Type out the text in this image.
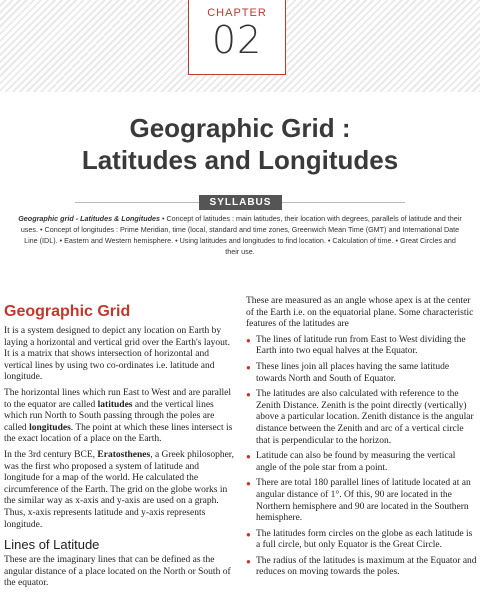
CHAPTER
02
Geographic Grid :
Latitudes and Longitudes
SYLLABUS

Geographic grid - Latitudes & Longitudes • Concept of latitudes : main latitudes, their location with degrees, parallels of latitude and their uses. • Concept of longitudes : Prime Meridian, time (local, standard and time zones, Greenwich Mean Time (GMT) and International Date Line (IDL). • Eastern and Western hemisphere. • Using latitudes and longitudes to find location. • Calculation of time. • Great Circles and their use.

Geographic Grid

It is a system designed to depict any location on Earth by laying a horizontal and vertical grid over the Earth's layout. It is a matrix that shows intersection of horizontal and vertical lines by using two co-ordinates i.e. latitude and longitude.

The horizontal lines which run East to West and are parallel to the equator are called latitudes and the vertical lines which run North to South passing through the poles are called longitudes. The point at which these lines intersect is the exact location of a place on the Earth.

In the 3rd century BCE, Eratosthenes, a Greek philosopher, was the first who proposed a system of latitude and longitude for a map of the world. He calculated the circumference of the Earth. The grid on the globe works in the similar way as x-axis and y-axis are used on a graph. Thus, x-axis represents latitude and y-axis represents longitude.

Lines of Latitude

These are the imaginary lines that can be defined as the angular distance of a place located on the North or South of the equator.

These are measured as an angle whose apex is at the center of the Earth i.e. on the equatorial plane. Some characteristic features of the latitudes are

● The lines of latitude run from East to West dividing the Earth into two equal halves at the Equator.
● These lines join all places having the same latitude towards North and South of Equator.
● The latitudes are also calculated with reference to the Zenith Distance. Zenith is the point directly (vertically) above a particular location. Zenith distance is the angular distance between the Zenith and arc of a vertical circle that is perpendicular to the horizon.
● Latitude can also be found by measuring the vertical angle of the pole star from a point.
● There are total 180 parallel lines of latitude located at an angular distance of 1°. Of this, 90 are located in the Northern hemisphere and 90 are located in the Southern hemisphere.
● The latitudes form circles on the globe as each latitude is a full circle, but only Equator is the Great Circle.
● The radius of the latitudes is maximum at the Equator and reduces on moving towards the poles.
